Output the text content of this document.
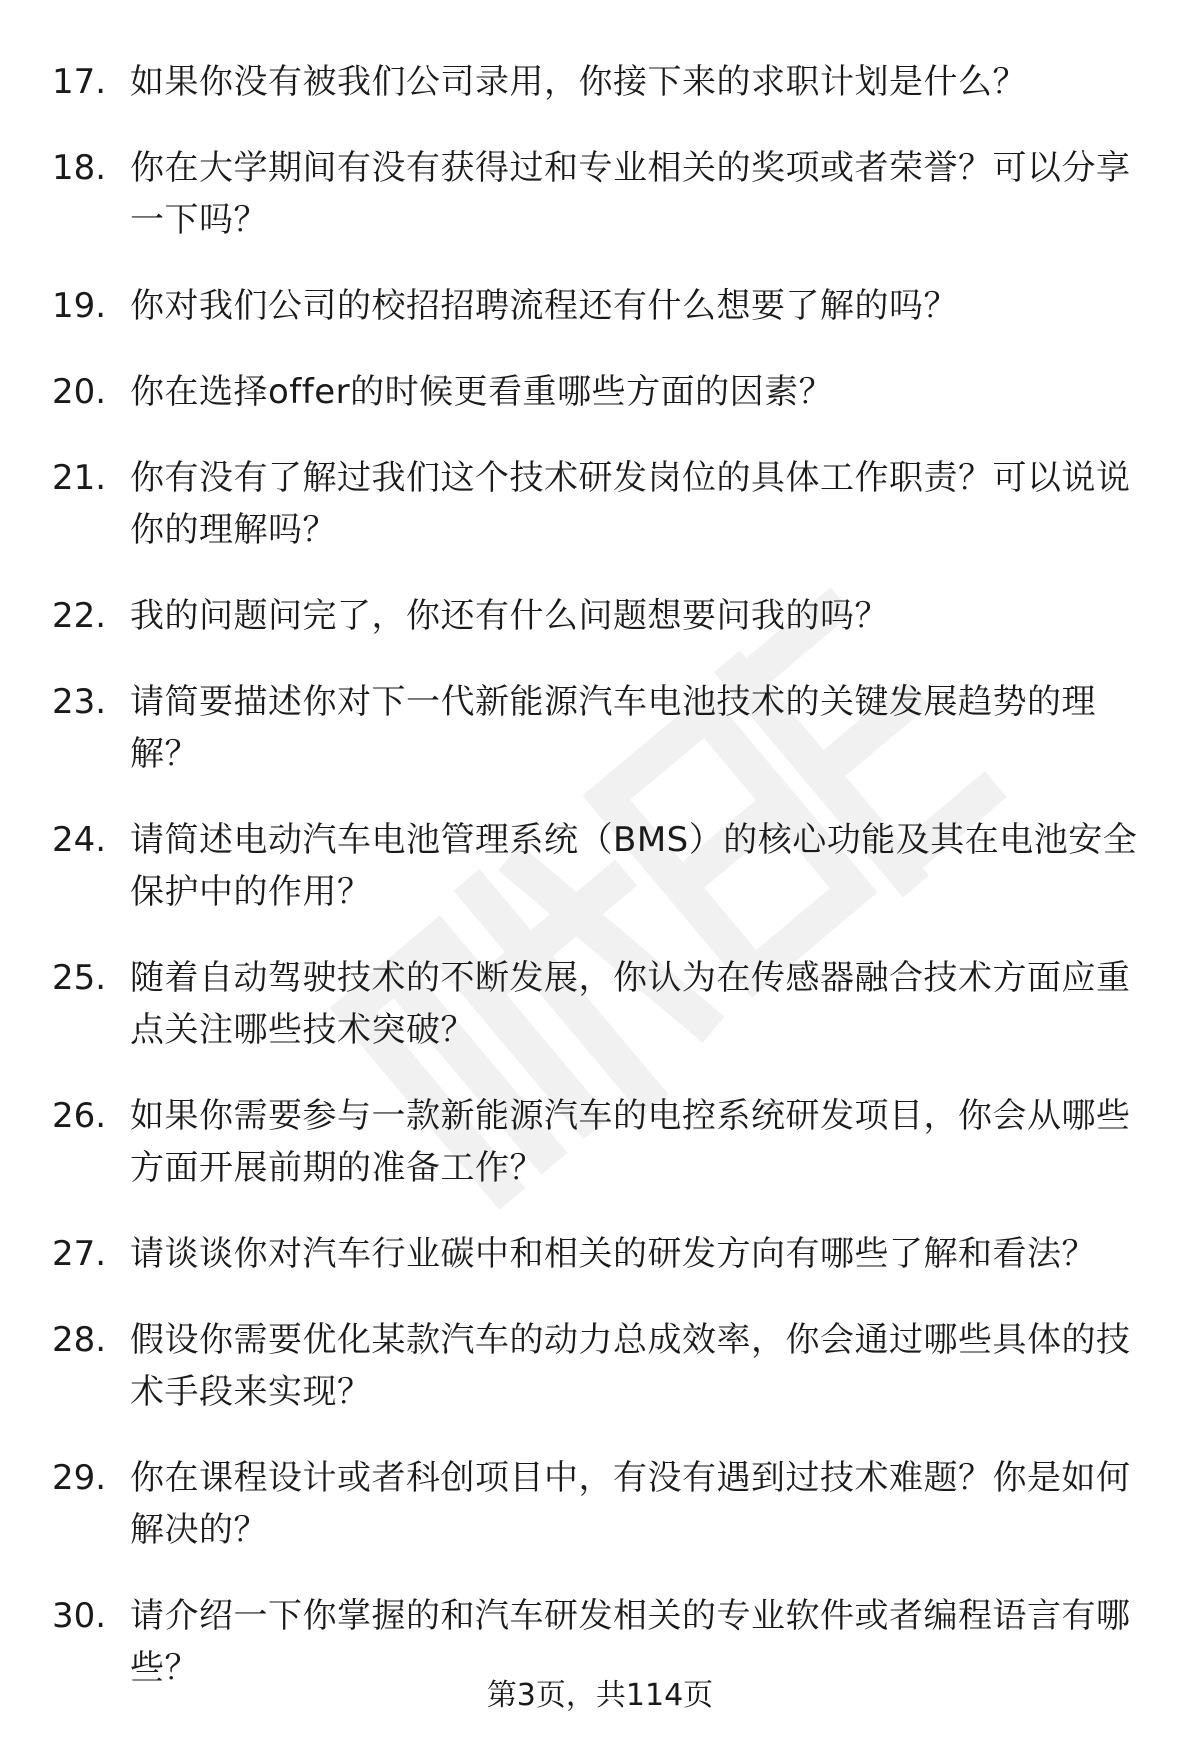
17. 如果你没有被我们公司录用，你接下来的求职计划是什么？
18. 你在大学期间有没有获得过和专业相关的奖项或者荣誉？可以分享一下吗？
19. 你对我们公司的校招招聘流程还有什么想要了解的吗？
20. 你在选择offer的时候更看重哪些方面的因素？
21. 你有没有了解过我们这个技术研发岗位的具体工作职责？可以说说你的理解吗？
22. 我的问题问完了，你还有什么问题想要问我的吗？
23. 请简要描述你对下一代新能源汽车电池技术的关键发展趋势的理解？
24. 请简述电动汽车电池管理系统（BMS）的核心功能及其在电池安全保护中的作用？
25. 随着自动驾驶技术的不断发展，你认为在传感器融合技术方面应重点关注哪些技术突破？
26. 如果你需要参与一款新能源汽车的电控系统研发项目，你会从哪些方面开展前期的准备工作？
27. 请谈谈你对汽车行业碳中和相关的研发方向有哪些了解和看法？
28. 假设你需要优化某款汽车的动力总成效率，你会通过哪些具体的技术手段来实现？
29. 你在课程设计或者科创项目中，有没有遇到过技术难题？你是如何解决的？
30. 请介绍一下你掌握的和汽车研发相关的专业软件或者编程语言有哪些？
第3页，共114页
